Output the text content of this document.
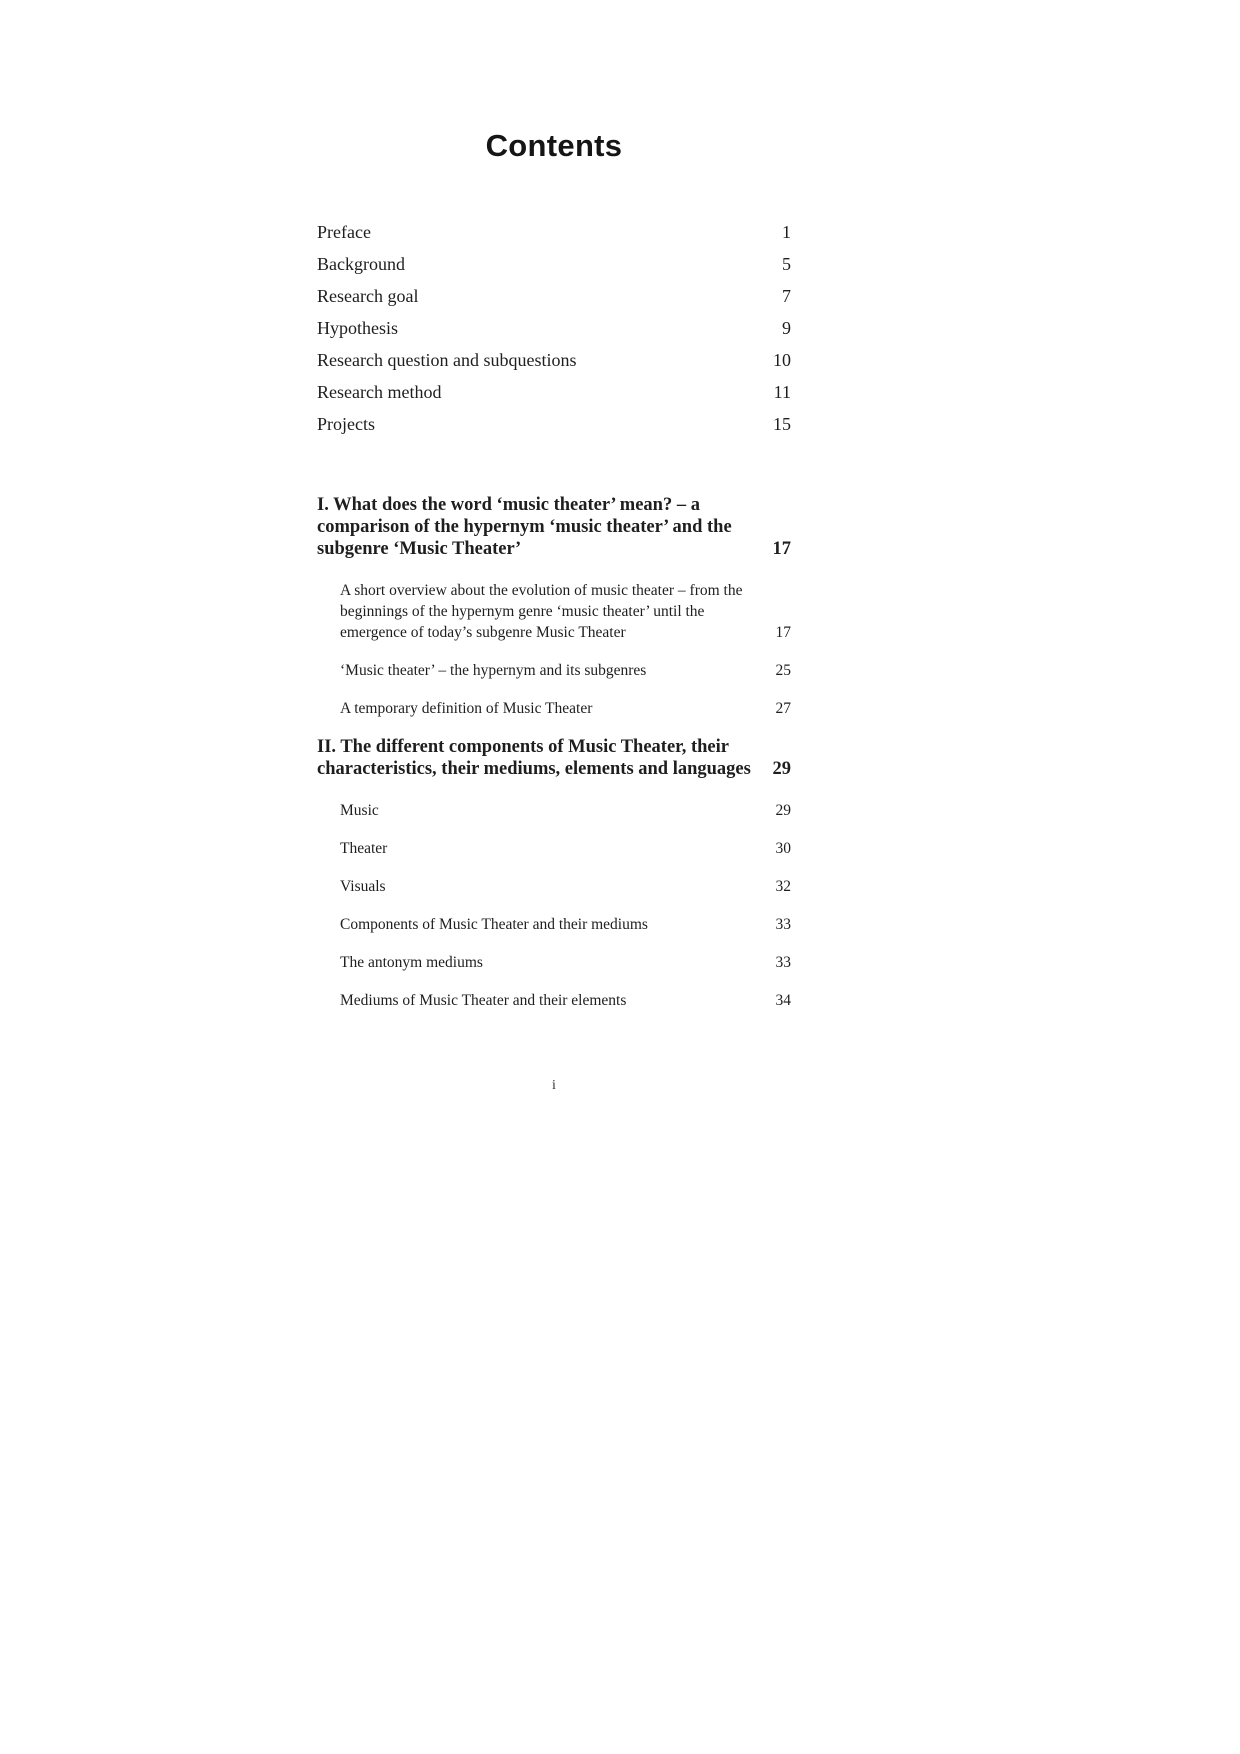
Contents
Preface	1
Background	5
Research goal	7
Hypothesis	9
Research question and subquestions	10
Research method	11
Projects	15
I. What does the word ‘music theater’ mean? – a comparison of the hypernym ‘music theater’ and the subgenre ‘Music Theater’	17
A short overview about the evolution of music theater – from the beginnings of the hypernym genre ‘music theater’ until the emergence of today’s subgenre Music Theater	17
‘Music theater’ – the hypernym and its subgenres	25
A temporary definition of Music Theater	27
II. The different components of Music Theater, their characteristics, their mediums, elements and languages	29
Music	29
Theater	30
Visuals	32
Components of Music Theater and their mediums	33
The antonym mediums	33
Mediums of Music Theater and their elements	34
i
